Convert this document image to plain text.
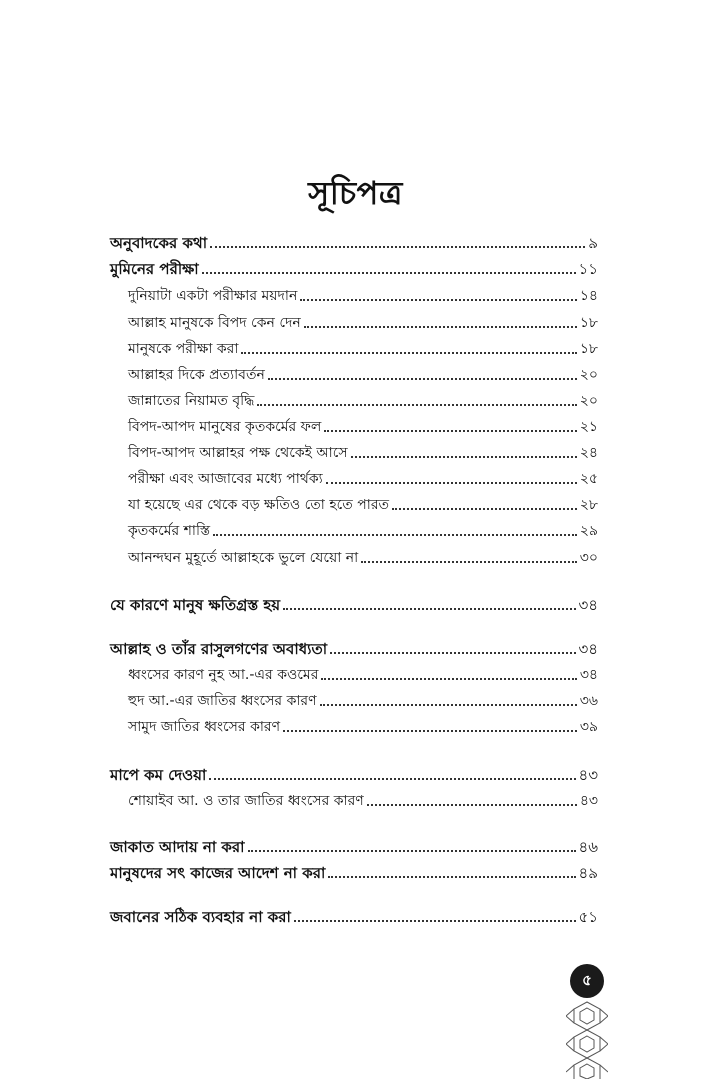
সূচিপত্র
অনুবাদকের কথা	৯
মুমিনের পরীক্ষা	১১
দুনিয়াটা একটা পরীক্ষার ময়দান	১৪
আল্লাহ মানুষকে বিপদ কেন দেন	১৮
মানুষকে পরীক্ষা করা	১৮
আল্লাহর দিকে প্রত্যাবর্তন	২০
জান্নাতের নিয়ামত বৃদ্ধি	২০
বিপদ-আপদ মানুষের কৃতকর্মের ফল	২১
বিপদ-আপদ আল্লাহর পক্ষ থেকেই আসে	২৪
পরীক্ষা এবং আজাবের মধ্যে পার্থক্য	২৫
যা হয়েছে এর থেকে বড় ক্ষতিও তো হতে পারত	২৮
কৃতকর্মের শাস্তি	২৯
আনন্দঘন মুহূর্তে আল্লাহকে ভুলে যেয়ো না	৩০
যে কারণে মানুষ ক্ষতিগ্রস্ত হয়	৩৪
আল্লাহ ও তাঁর রাসুলগণের অবাধ্যতা	৩৪
ধ্বংসের কারণ নুহ আ.-এর কওমের	৩৪
হুদ আ.-এর জাতির ধ্বংসের কারণ	৩৬
সামুদ জাতির ধ্বংসের কারণ	৩৯
মাপে কম দেওয়া	৪৩
শোয়াইব আ. ও তার জাতির ধ্বংসের কারণ	৪৩
জাকাত আদায় না করা	৪৬
মানুষদের সৎ কাজের আদেশ না করা	৪৯
জবানের সঠিক ব্যবহার না করা	৫১
৫
